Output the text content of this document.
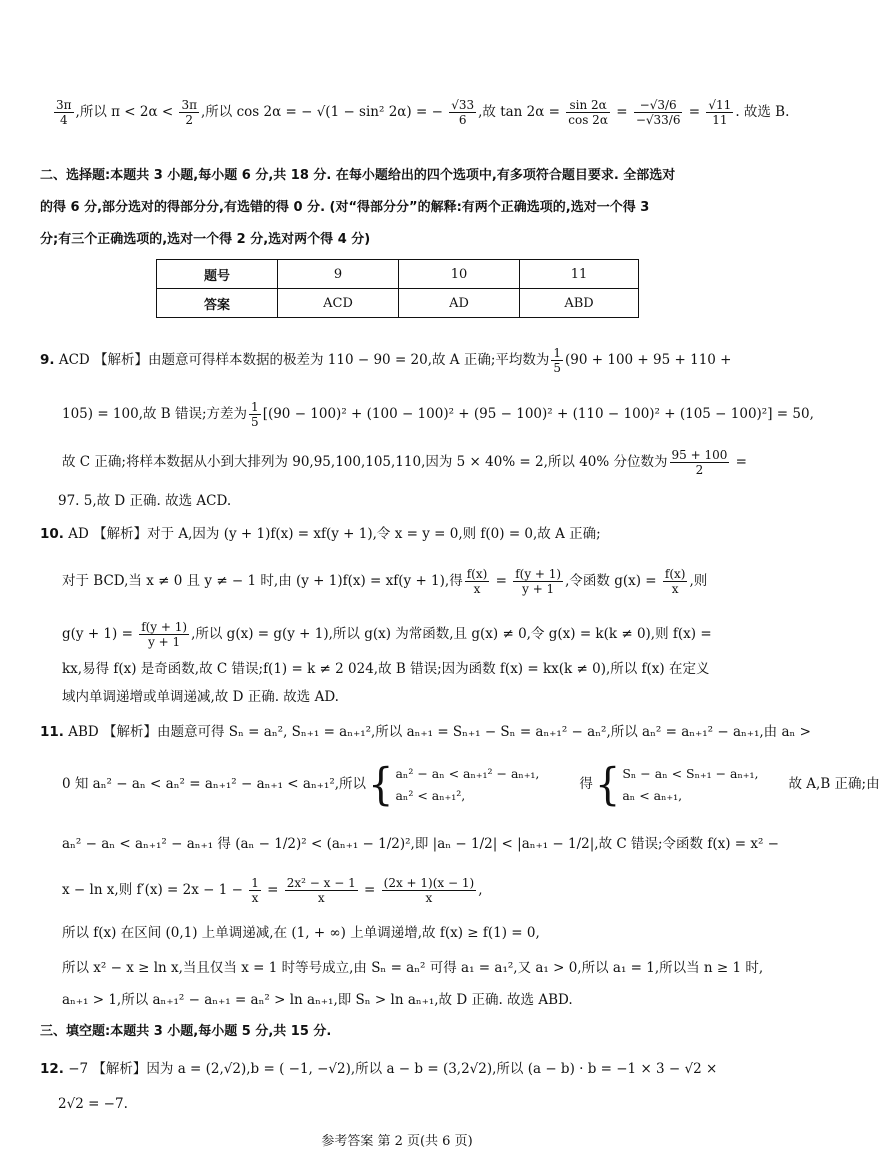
$\frac{3\pi}{4}$ ,所以 $\pi < 2\alpha < \frac{3\pi}{2}$ ,所以 cos 2α = − √(1 − sin² 2α) = − $\frac{√33}{6}$ ,故 $\tan 2\alpha = \frac{\sin 2\alpha}{\cos 2\alpha} = \frac{-√3/6}{-√33/6} = \frac{√11}{11}$ . 故选 B.
二、选择题:本题共 3 小题,每小题 6 分,共 18 分. 在每小题给出的四个选项中,有多项符合题目要求. 全部选对
的得 6 分,部分选对的得部分分,有选错的得 0 分. (对“得部分分”的解释:有两个正确选项的,选对一个得 3
分;有三个正确选项的,选对一个得 2 分,选对两个得 4 分)
题号	9	10	11
答案	ACD	AD	ABD
9. ACD 【解析】由题意可得样本数据的极差为 110 − 90 = 20,故 A 正确;平均数为 $\frac{1}{5} (90 + 100 + 95 + 110$ +
105) = 100,故 B 错误;方差为 $\frac{1}{5} [(90 - 100)^2 + (100 - 100)^2 + (95 - 100)^2 + (110 - 100)^2 + (105 - 100)^2] = 50$,
故 C 正确;将样本数据从小到大排列为 90,95,100,105,110,因为 5 × 40% = 2,所以 40% 分位数为 $\frac{95 + 100}{2}$ =
97. 5,故 D 正确. 故选 ACD.
10. AD 【解析】对于 A,因为 (y + 1)f(x) = xf(y + 1),令 x = y = 0,则 f(0) = 0,故 A 正确;
对于 BCD,当 x ≠ 0 且 y ≠ − 1 时,由 (y + 1)f(x) = xf(y + 1),得 $\frac{f(x)}{x} = \frac{f(y + 1)}{y + 1}$ ,令函数 $g(x) = \frac{f(x)}{x}$ ,则
$g(y + 1) = \frac{f(y + 1)}{y + 1}$ ,所以 g(x) = g(y + 1),所以 g(x) 为常函数,且 g(x) ≠ 0,令 g(x) = k(k ≠ 0),则 f(x) =
kx,易得 f(x) 是奇函数,故 C 错误;f(1) = k ≠ 2 024,故 B 错误;因为函数 f(x) = kx(k ≠ 0),所以 f(x) 在定义
域内单调递增或单调递减,故 D 正确. 故选 AD.
11. ABD 【解析】由题意可得 Sₙ = aₙ², Sₙ₊₁ = aₙ₊₁²,所以 aₙ₊₁ = Sₙ₊₁ − Sₙ = aₙ₊₁² − aₙ²,所以 aₙ² = aₙ₊₁² − aₙ₊₁,由 aₙ >
0 知 aₙ² − aₙ < aₙ² = aₙ₊₁² − aₙ₊₁ < aₙ₊₁²,所以{ aₙ² − aₙ < aₙ₊₁² − aₙ₊₁,
aₙ² < aₙ₊₁²,
得{ Sₙ − aₙ < Sₙ₊₁ − aₙ₊₁,
aₙ < aₙ₊₁,
故 A,B 正确;由
aₙ² − aₙ < aₙ₊₁² − aₙ₊₁ 得 (aₙ − 1/2)² < (aₙ₊₁ − 1/2)²,即 |aₙ − 1/2| < |aₙ₊₁ − 1/2|,故 C 错误;令函数 f(x) = x² −
x − ln x,则 $f'(x) = 2x - 1 - \frac{1}{x} = \frac{\text{2x² − x − 1}}{x} = \frac{(2x + 1)(x - 1)}{x}$ ,
所以 f(x) 在区间 (0,1) 上单调递减,在 (1, + ∞) 上单调递增,故 f(x) ≥ f(1) = 0,
所以 x² − x ≥ ln x,当且仅当 x = 1 时等号成立,由 Sₙ = aₙ² 可得 a₁ = a₁²,又 a₁ > 0,所以 a₁ = 1,所以当 n ≥ 1 时,
aₙ₊₁ > 1,所以 aₙ₊₁² − aₙ₊₁ = aₙ² > ln aₙ₊₁,即 Sₙ > ln aₙ₊₁,故 D 正确. 故选 ABD.
三、填空题:本题共 3 小题,每小题 5 分,共 15 分.
12. −7 【解析】因为 a = (2,√2),b = ( −1, −√2),所以 a − b = (3,2√2),所以 (a − b) · b = −1 × 3 − √2 ×
2√2 = −7.
参考答案 第 2 页(共 6 页)
